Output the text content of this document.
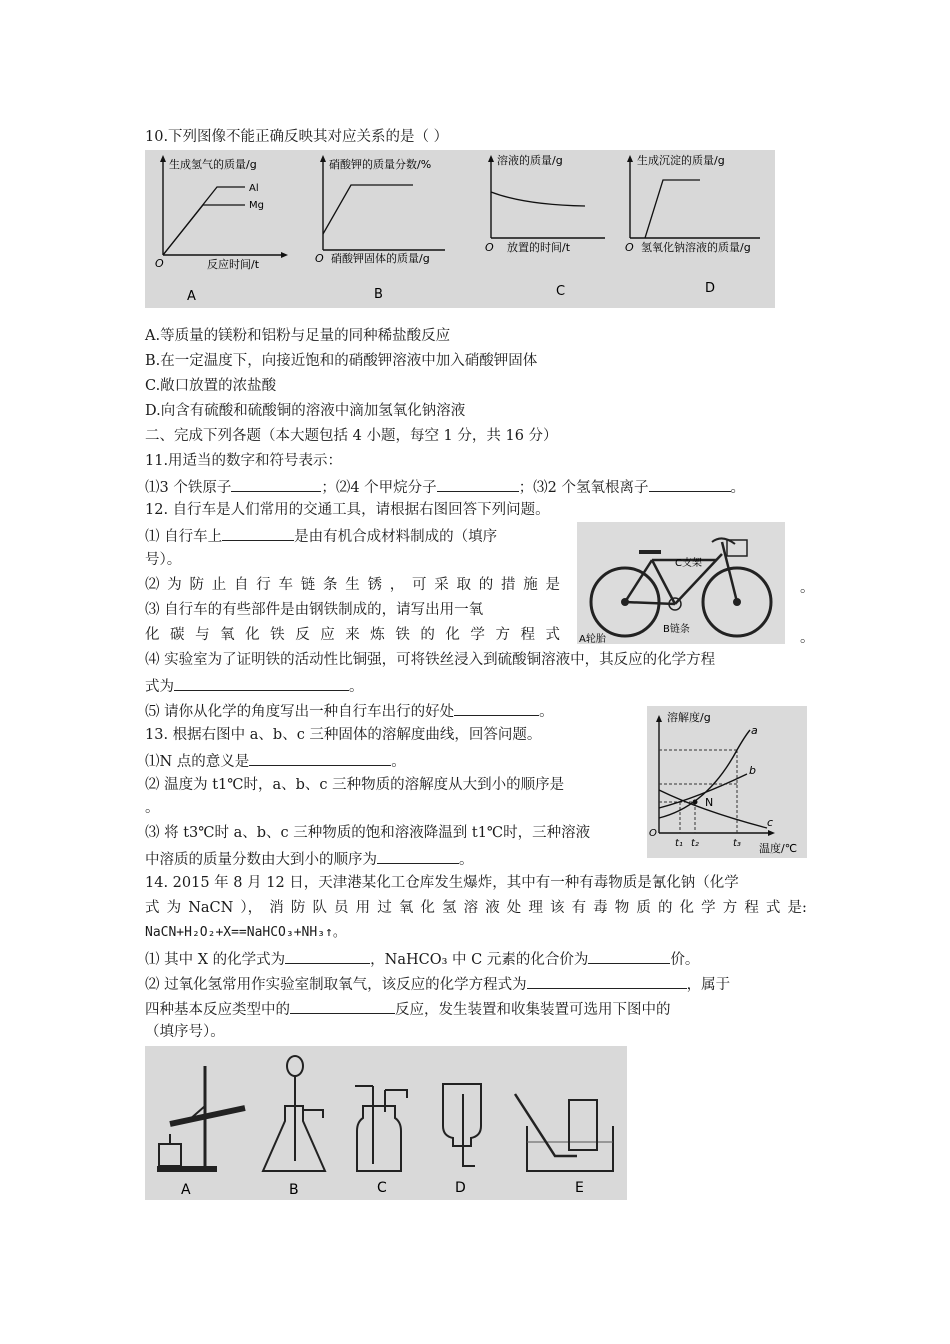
10.下列图像不能正确反映其对应关系的是（ ）
生成氢气的质量/g
反应时间/t
O
Al
Mg
A
硝酸钾的质量分数/%
O 硝酸钾固体的质量/g
B
溶液的质量/g
O 放置的时间/t
C
生成沉淀的质量/g
O 氢氧化钠溶液的质量/g
D
A.等质量的镁粉和铝粉与足量的同种稀盐酸反应
B.在一定温度下，向接近饱和的硝酸钾溶液中加入硝酸钾固体
C.敞口放置的浓盐酸
D.向含有硫酸和硫酸铜的溶液中滴加氢氧化钠溶液
二、完成下列各题（本大题包括 4 小题，每空 1 分，共 16 分）
11.用适当的数字和符号表示：
⑴3 个铁原子	；⑵4 个甲烷分子	；⑶2 个氢氧根离子	。
12. 自行车是人们常用的交通工具，请根据右图回答下列问题。
⑴ 自行车上	是由有机合成材料制成的（填序
号）。
⑵ 为 防 止 自 行 车 链 条 生 锈 ， 可 采 取 的 措 施 是	。
⑶ 自行车的有些部件是由钢铁制成的，请写出用一氧
化 碳 与 氧 化 铁 反 应 来 炼 铁 的 化 学 方 程 式	。
C支架
B链条
A轮胎
⑷ 实验室为了证明铁的活动性比铜强，可将铁丝浸入到硫酸铜溶液中，其反应的化学方程
式为	。
⑸ 请你从化学的角度写出一种自行车出行的好处	。
13. 根据右图中 a、b、c 三种固体的溶解度曲线，回答问题。
⑴N 点的意义是	。
⑵ 温度为 t1℃时，a、b、c 三种物质的溶解度从大到小的顺序是
。
⑶ 将 t3℃时 a、b、c 三种物质的饱和溶液降温到 t1℃时，三种溶液
中溶质的质量分数由大到小的顺序为	。
溶解度/g
温度/℃
O
a
b
c
N
t₁ t₂	t₃
14. 2015 年 8 月 12 日，天津港某化工仓库发生爆炸，其中有一种有毒物质是氰化钠（化学
式 为 NaCN ）， 消 防 队 员 用 过 氧 化 氢 溶 液 处 理 该 有 毒 物 质 的 化 学 方 程 式 是:
NaCN+H₂O₂+X==NaHCO₃+NH₃↑。
⑴ 其中 X 的化学式为	，NaHCO₃ 中 C 元素的化合价为	价。
⑵ 过氧化氢常用作实验室制取氧气，该反应的化学方程式为	，属于
四种基本反应类型中的	反应，发生装置和收集装置可选用下图中的
（填序号）。
A	B	C	D	E
